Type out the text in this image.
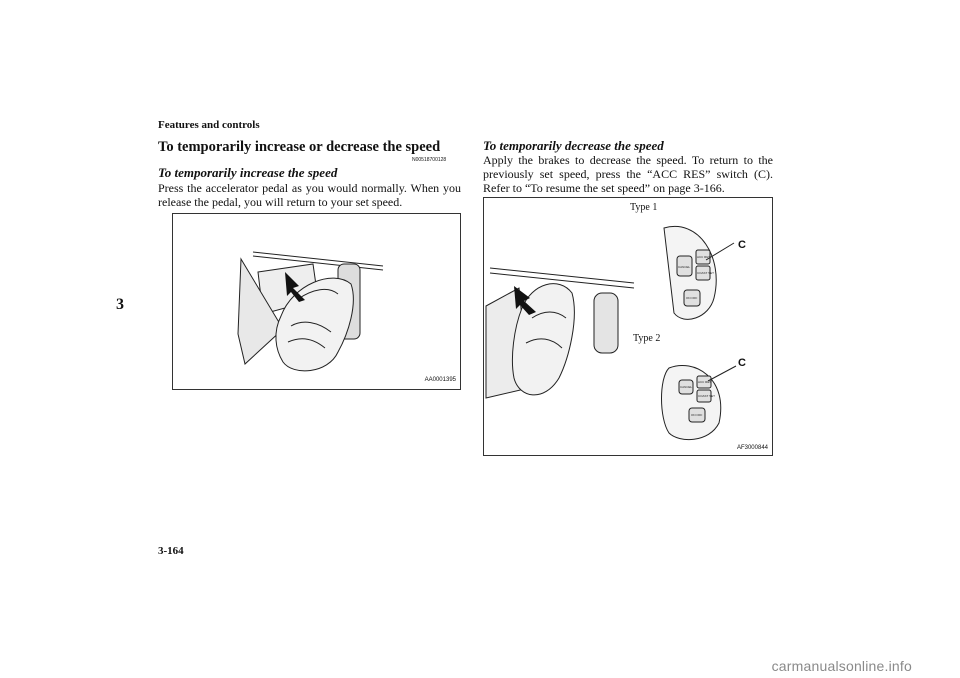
Features and controls
3
3-164
To temporarily increase or decrease the speed
N00518700128
To temporarily increase the speed
Press the accelerator pedal as you would normally. When you release the pedal, you will return to your set speed.
AA0001395
To temporarily decrease the speed
Apply the brakes to decrease the speed. To return to the previously set speed, press the “ACC RES” switch (C). Refer to “To resume the set speed” on page 3-166.
CANCEL
ACC RES
COAST SET
ON OFF
CANCEL
ACC RES
COAST SET
ON OFF
C
C
Type 1
Type 2
AF3000844
carmanualsonline.info
